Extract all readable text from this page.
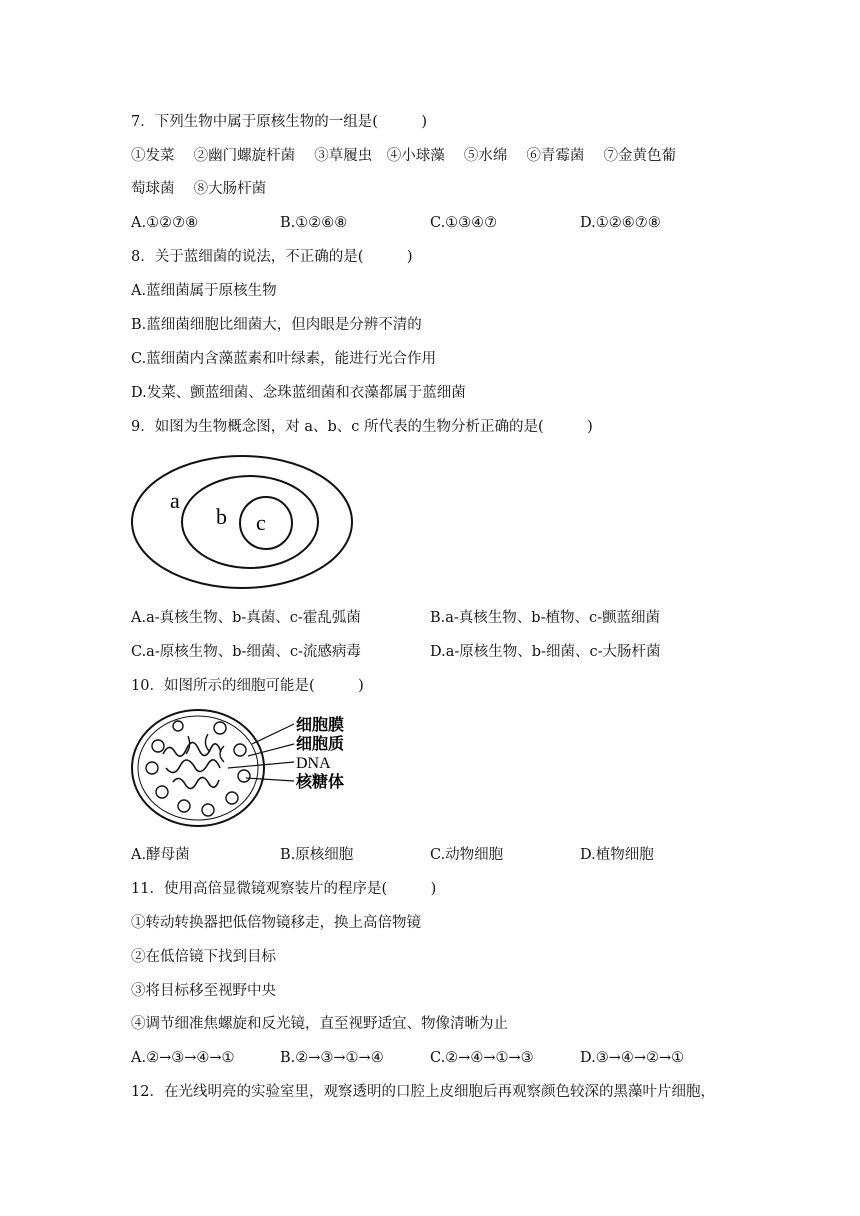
7．下列生物中属于原核生物的一组是(　　　)
①发菜　 ②幽门螺旋杆菌　 ③草履虫　④小球藻　 ⑤水绵　 ⑥青霉菌　 ⑦金黄色葡
萄球菌　 ⑧大肠杆菌
A.①②⑦⑧	B.①②⑥⑧	C.①③④⑦	D.①②⑥⑦⑧
8．关于蓝细菌的说法，不正确的是(　　　)
A.蓝细菌属于原核生物
B.蓝细菌细胞比细菌大，但肉眼是分辨不清的
C.蓝细菌内含藻蓝素和叶绿素，能进行光合作用
D.发菜、颤蓝细菌、念珠蓝细菌和衣藻都属于蓝细菌
9．如图为生物概念图，对 a、b、c 所代表的生物分析正确的是(　　　)
a
b c
A.a-真核生物、b-真菌、c-霍乱弧菌	B.a-真核生物、b-植物、c-颤蓝细菌
C.a-原核生物、b-细菌、c-流感病毒	D.a-原核生物、b-细菌、c-大肠杆菌
10．如图所示的细胞可能是(　　　)
细胞膜
细胞质
DNA
核糖体
A.酵母菌	B.原核细胞	C.动物细胞	D.植物细胞
11．使用高倍显微镜观察装片的程序是(　　　)
①转动转换器把低倍物镜移走，换上高倍物镜
②在低倍镜下找到目标
③将目标移至视野中央
④调节细准焦螺旋和反光镜，直至视野适宜、物像清晰为止
A.②→③→④→①	B.②→③→①→④	C.②→④→①→③	D.③→④→②→①
12．在光线明亮的实验室里，观察透明的口腔上皮细胞后再观察颜色较深的黑藻叶片细胞，
